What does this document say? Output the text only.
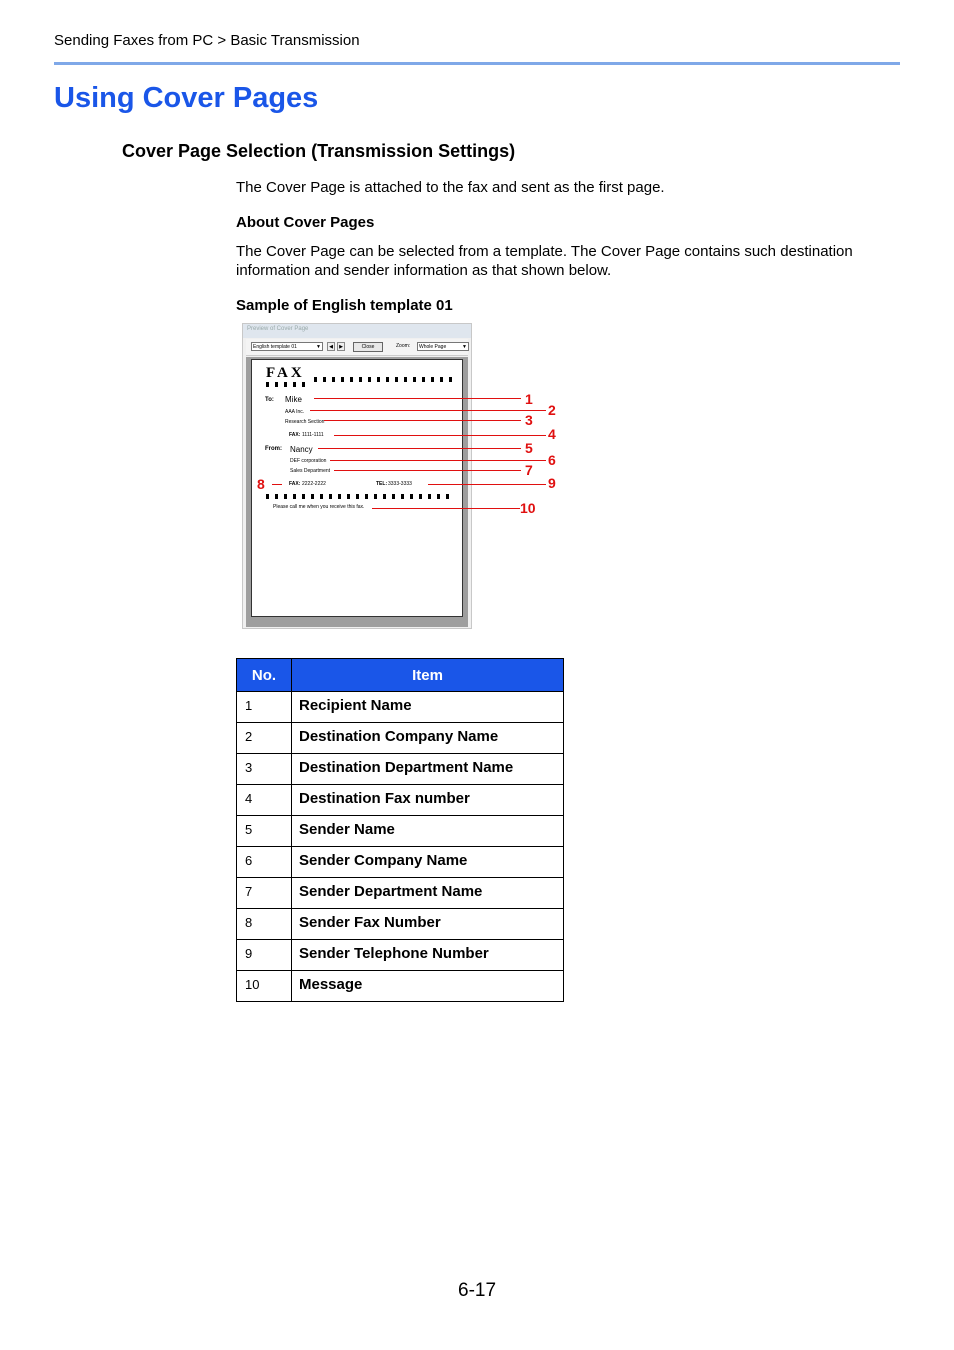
Sending Faxes from PC > Basic Transmission
Using Cover Pages
Cover Page Selection (Transmission Settings)

The Cover Page is attached to the fax and sent as the first page.

About Cover Pages

The Cover Page can be selected from a template. The Cover Page contains such destination information and sender information as that shown below.

Sample of English template 01

Preview of Cover Page
English template 01	▼	◀	▶	Close	Zoom:	Whole Page	▼
FAX
To: Mike
AAA Inc.
Research Section
FAX: 1111-1111
From: Nancy
DEF corporation
Sales Department
FAX: 2222-2222	TEL: 3333-3333
Please call me when you receive this fax.
1
2
3
4
5
6
7
8	9
10
No.	Item
1	Recipient Name
2	Destination Company Name
3	Destination Department Name
4	Destination Fax number
5	Sender Name
6	Sender Company Name
7	Sender Department Name
8	Sender Fax Number
9	Sender Telephone Number
10	Message
6-17
